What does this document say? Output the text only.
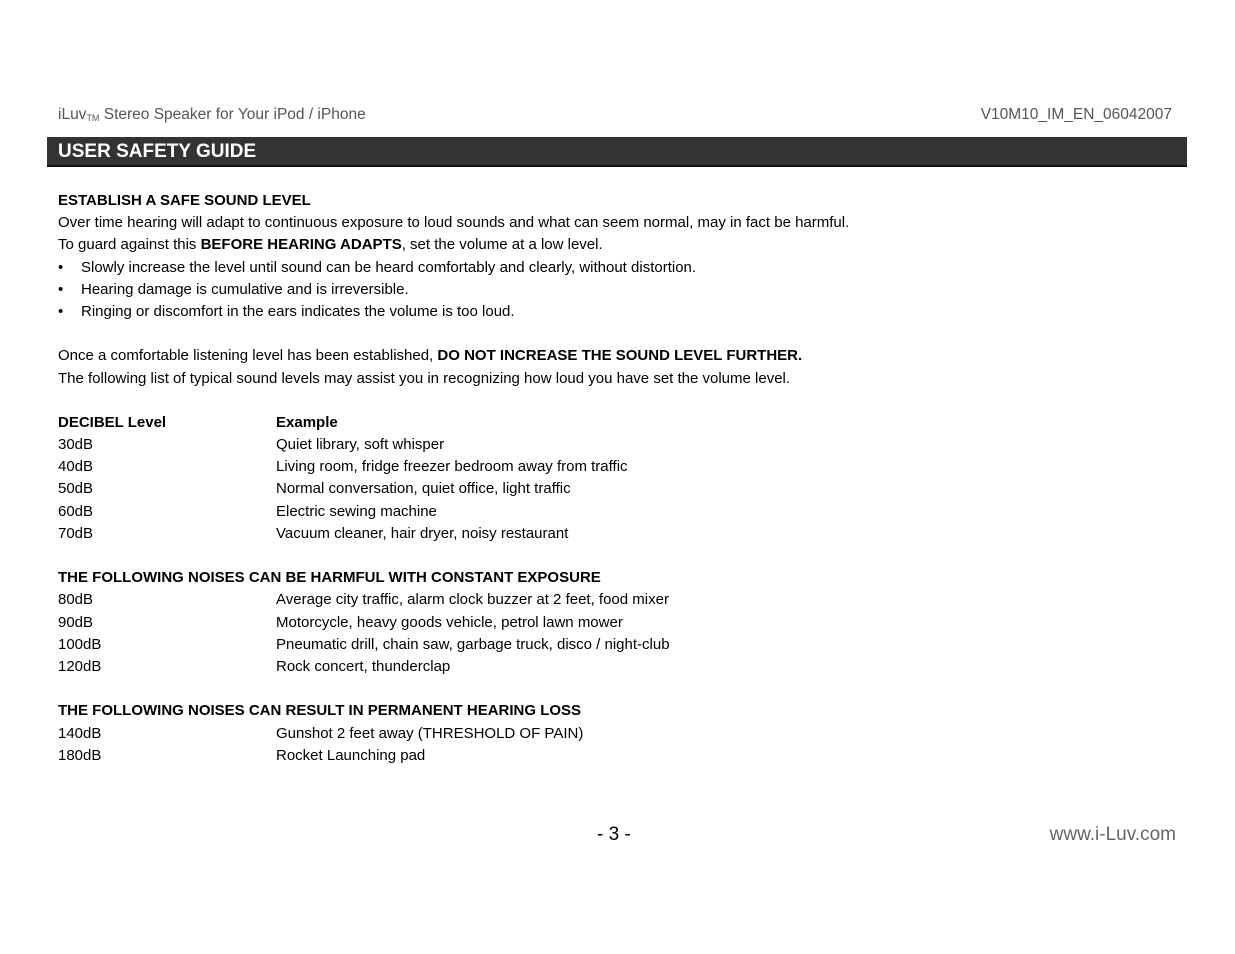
iLuv$_{TM}$ Stereo Speaker for Your iPod / iPhone	V10M10_IM_EN_06042007
USER SAFETY GUIDE
ESTABLISH A SAFE SOUND LEVEL
Over time hearing will adapt to continuous exposure to loud sounds and what can seem normal, may in fact be harmful.
To guard against this BEFORE HEARING ADAPTS, set the volume at a low level.
• Slowly increase the level until sound can be heard comfortably and clearly, without distortion.
• Hearing damage is cumulative and is irreversible.
• Ringing or discomfort in the ears indicates the volume is too loud.
Once a comfortable listening level has been established, DO NOT INCREASE THE SOUND LEVEL FURTHER.
The following list of typical sound levels may assist you in recognizing how loud you have set the volume level.
DECIBEL Level	Example
30dB	Quiet library, soft whisper
40dB	Living room, fridge freezer bedroom away from traffic
50dB	Normal conversation, quiet office, light traffic
60dB	Electric sewing machine
70dB	Vacuum cleaner, hair dryer, noisy restaurant
THE FOLLOWING NOISES CAN BE HARMFUL WITH CONSTANT EXPOSURE
80dB	Average city traffic, alarm clock buzzer at 2 feet, food mixer
90dB	Motorcycle, heavy goods vehicle, petrol lawn mower
100dB	Pneumatic drill, chain saw, garbage truck, disco / night-club
120dB	Rock concert, thunderclap
THE FOLLOWING NOISES CAN RESULT IN PERMANENT HEARING LOSS
140dB	Gunshot 2 feet away (THRESHOLD OF PAIN)
180dB	Rocket Launching pad
- 3 -	www.i-Luv.com
